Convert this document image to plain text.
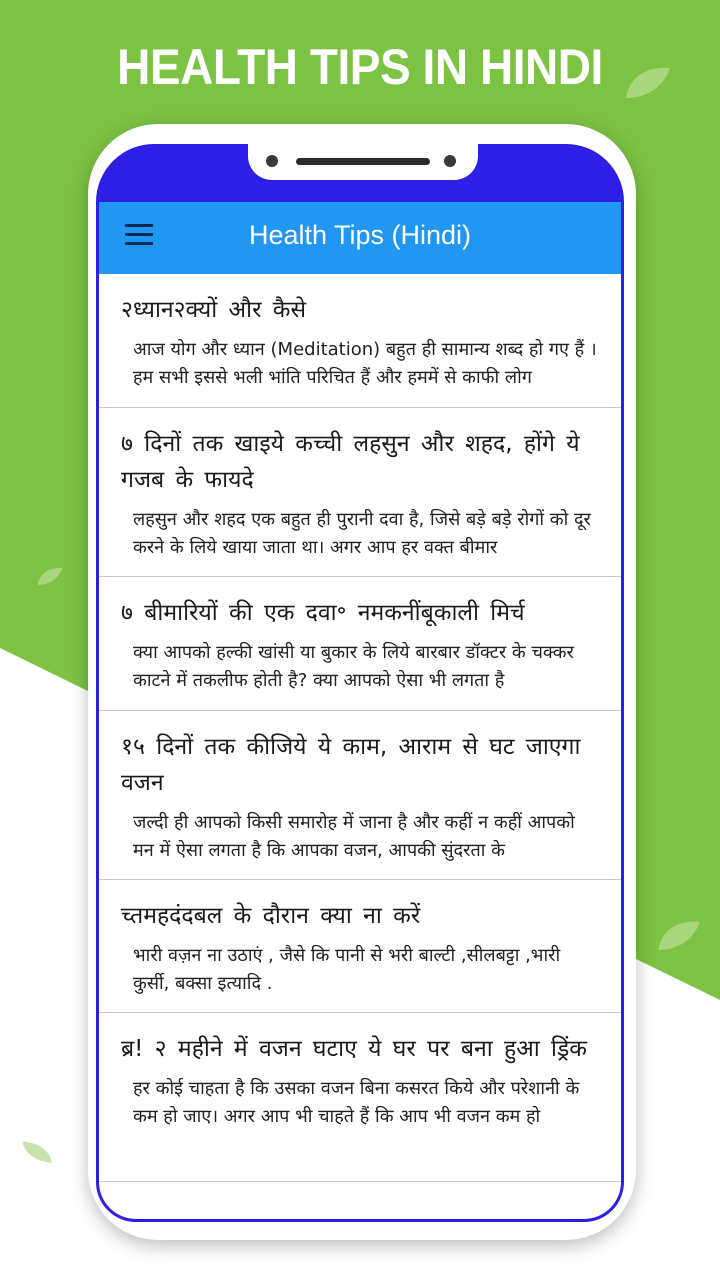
HEALTH TIPS IN HINDI
Health Tips (Hindi)
२ध्यान२क्यों और कैसे
आज योग और ध्यान (Meditation) बहुत ही सामान्य शब्द हो गए हैं । हम सभी इससे भली भांति परिचित हैं और हममें से काफी लोग
७ दिनों तक खाइये कच्ची लहसुन और शहद, होंगे ये गजब के फायदे
लहसुन और शहद एक बहुत ही पुरानी दवा है, जिसे बड़े बड़े रोगों को दूर करने के लिये खाया जाता था। अगर आप हर वक्त बीमार
७ बीमारियों की एक दवा॰ नमकनींबूकाली मिर्च
क्या आपको हल्की खांसी या बुकार के लिये बारबार डॉक्टर के चक्कर काटने में तकलीफ होती है? क्या आपको ऐसा भी लगता है
१५ दिनों तक कीजिये ये काम, आराम से घट जाएगा वजन
जल्दी ही आपको किसी समारोह में जाना है और कहीं न कहीं आपको मन में ऐसा लगता है कि आपका वजन, आपकी सुंदरता के
च्तमहदंदबल के दौरान क्या ना करें
भारी वज़न ना उठाएं , जैसे कि पानी से भरी बाल्टी ,सीलबट्टा ,भारी कुर्सी, बक्सा इत्यादि .
ब्र! २ महीने में वजन घटाए ये घर पर बना हुआ ड्रिंक
हर कोई चाहता है कि उसका वजन बिना कसरत किये और परेशानी के कम हो जाए। अगर आप भी चाहते हैं कि आप भी वजन कम हो
